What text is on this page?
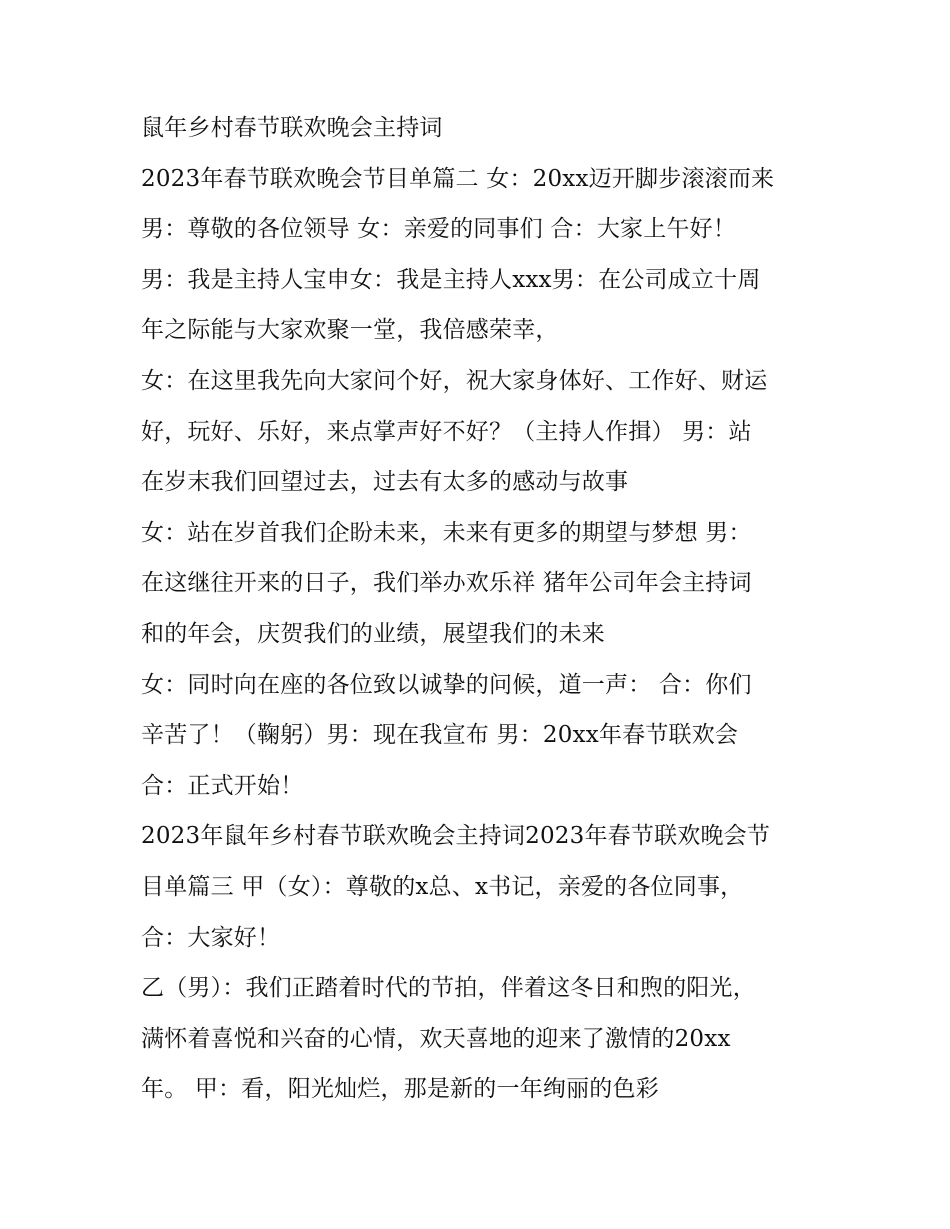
鼠年乡村春节联欢晚会主持词
2023年春节联欢晚会节目单篇二 女：20xx迈开脚步滚滚而来
男：尊敬的各位领导 女：亲爱的同事们 合：大家上午好！
男：我是主持人宝申女：我是主持人xxx男：在公司成立十周
年之际能与大家欢聚一堂，我倍感荣幸，
女：在这里我先向大家问个好，祝大家身体好、工作好、财运
好，玩好、乐好，来点掌声好不好？（主持人作揖） 男：站
在岁末我们回望过去，过去有太多的感动与故事
女：站在岁首我们企盼未来，未来有更多的期望与梦想 男：
在这继往开来的日子，我们举办欢乐祥 猪年公司年会主持词
和的年会，庆贺我们的业绩，展望我们的未来
女：同时向在座的各位致以诚挚的问候，道一声： 合：你们
辛苦了！（鞠躬）男：现在我宣布 男：20xx年春节联欢会
合：正式开始！
2023年鼠年乡村春节联欢晚会主持词2023年春节联欢晚会节
目单篇三 甲（女）：尊敬的x总、x书记，亲爱的各位同事，
合：大家好！
乙（男）：我们正踏着时代的节拍，伴着这冬日和煦的阳光，
满怀着喜悦和兴奋的心情，欢天喜地的迎来了激情的20xx
年。 甲：看，阳光灿烂，那是新的一年绚丽的色彩
